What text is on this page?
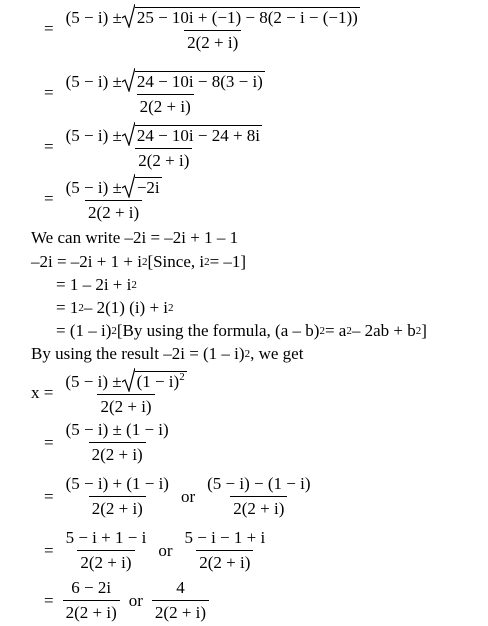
=
(5 − i) ± 25 − 10i + (−1) − 8(2 − i − (−1))
2(2 + i)
= $\frac{(5 - i) \pm 24 - 10i - 8(3 - i)}{2(2 + i)}$
= $\frac{(5 - i) \pm 24 - 10i - 24 + 8i}{2(2 + i)}$
= $\frac{(5 - i) \pm -2i}{2(2 + i)}$
We can write –2i = –2i + 1 – 1
–2i = –2i + 1 + i 2 [Since, i 2 = –1]
= 1 – 2i + i 2
= 1 2 – 2(1) (i) + i 2
= (1 – i) 2 [By using the formula, (a – b) 2 = a 2 – 2ab + b 2 ]
By using the result –2i = (1 – i) 2 , we get
$x = \frac{(5 - i) \pm (1 - i)^2}{2(2 + i)}$
= $\frac{(5 - i) \pm (1 - i)}{2(2 + i)}$
= $\frac{(5 - i) + (1 - i)}{2(2 + i)}$ or $\frac{(5 - i) - (1 - i)}{2(2 + i)}$
= $\frac{5 - i + 1 - i}{2(2 + i)}$ or $\frac{5 - i - 1 + i}{2(2 + i)}$
= $\frac{6 - 2i}{2(2 + i)}$ or $\frac{4}{2(2 + i)}$
